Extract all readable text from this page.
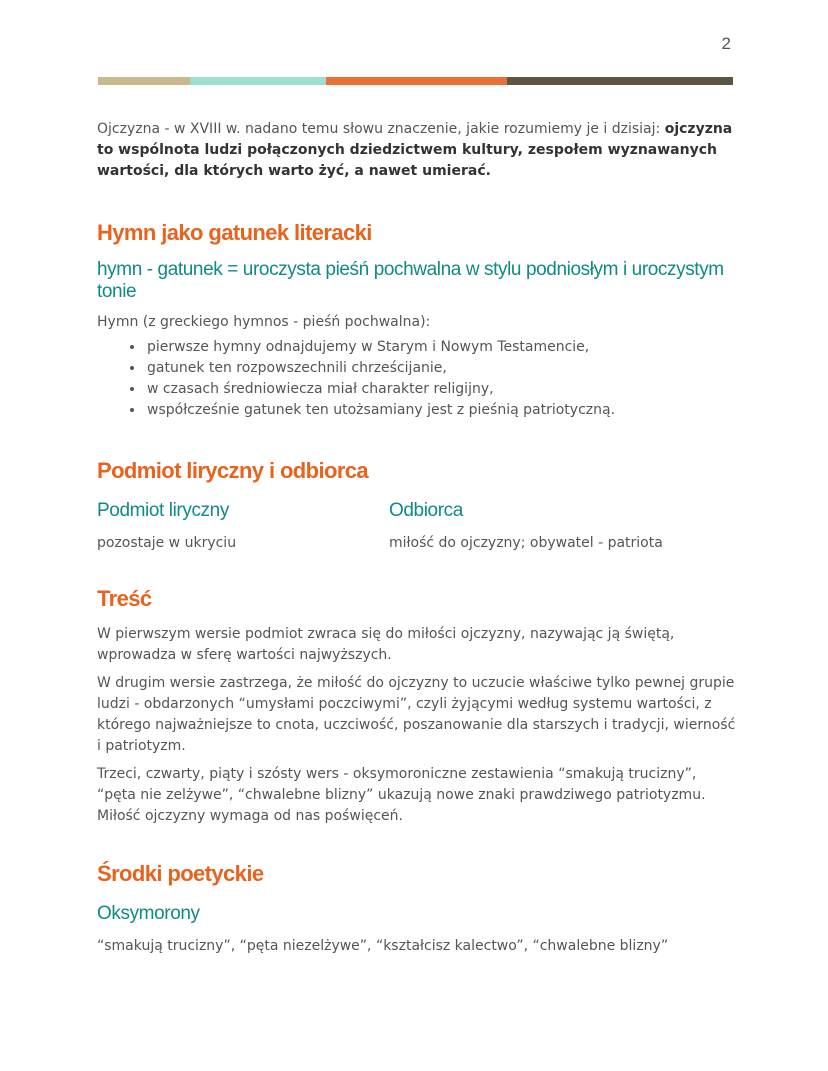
2

Ojczyzna - w XVIII w. nadano temu słowu znaczenie, jakie rozumiemy je i dzisiaj: ojczyzna to wspólnota ludzi połączonych dziedzictwem kultury, zespołem wyznawanych wartości, dla których warto żyć, a nawet umierać.

Hymn jako gatunek literacki
hymn - gatunek = uroczysta pieśń pochwalna w stylu podniosłym i uroczystym tonie

Hymn (z greckiego hymnos - pieśń pochwalna):

• pierwsze hymny odnajdujemy w Starym i Nowym Testamencie,
• gatunek ten rozpowszechnili chrześcijanie,
• w czasach średniowiecza miał charakter religijny,
• współcześnie gatunek ten utożsamiany jest z pieśnią patriotyczną.
Podmiot liryczny i odbiorca
Podmiot liryczny

pozostaje w ukryciu

Odbiorca

miłość do ojczyzny; obywatel - patriota

Treść

W pierwszym wersie podmiot zwraca się do miłości ojczyzny, nazywając ją świętą, wprowadza w sferę wartości najwyższych.

W drugim wersie zastrzega, że miłość do ojczyzny to uczucie właściwe tylko pewnej grupie ludzi - obdarzonych “umysłami poczciwymi”, czyli żyjącymi według systemu wartości, z którego najważniejsze to cnota, uczciwość, poszanowanie dla starszych i tradycji, wierność i patriotyzm.

Trzeci, czwarty, piąty i szósty wers - oksymoroniczne zestawienia “smakują trucizny”, “pęta nie zelżywe”, “chwalebne blizny” ukazują nowe znaki prawdziwego patriotyzmu. Miłość ojczyzny wymaga od nas poświęceń.

Środki poetyckie
Oksymorony

“smakują trucizny”, “pęta niezelżywe”, “kształcisz kalectwo”, “chwalebne blizny”
